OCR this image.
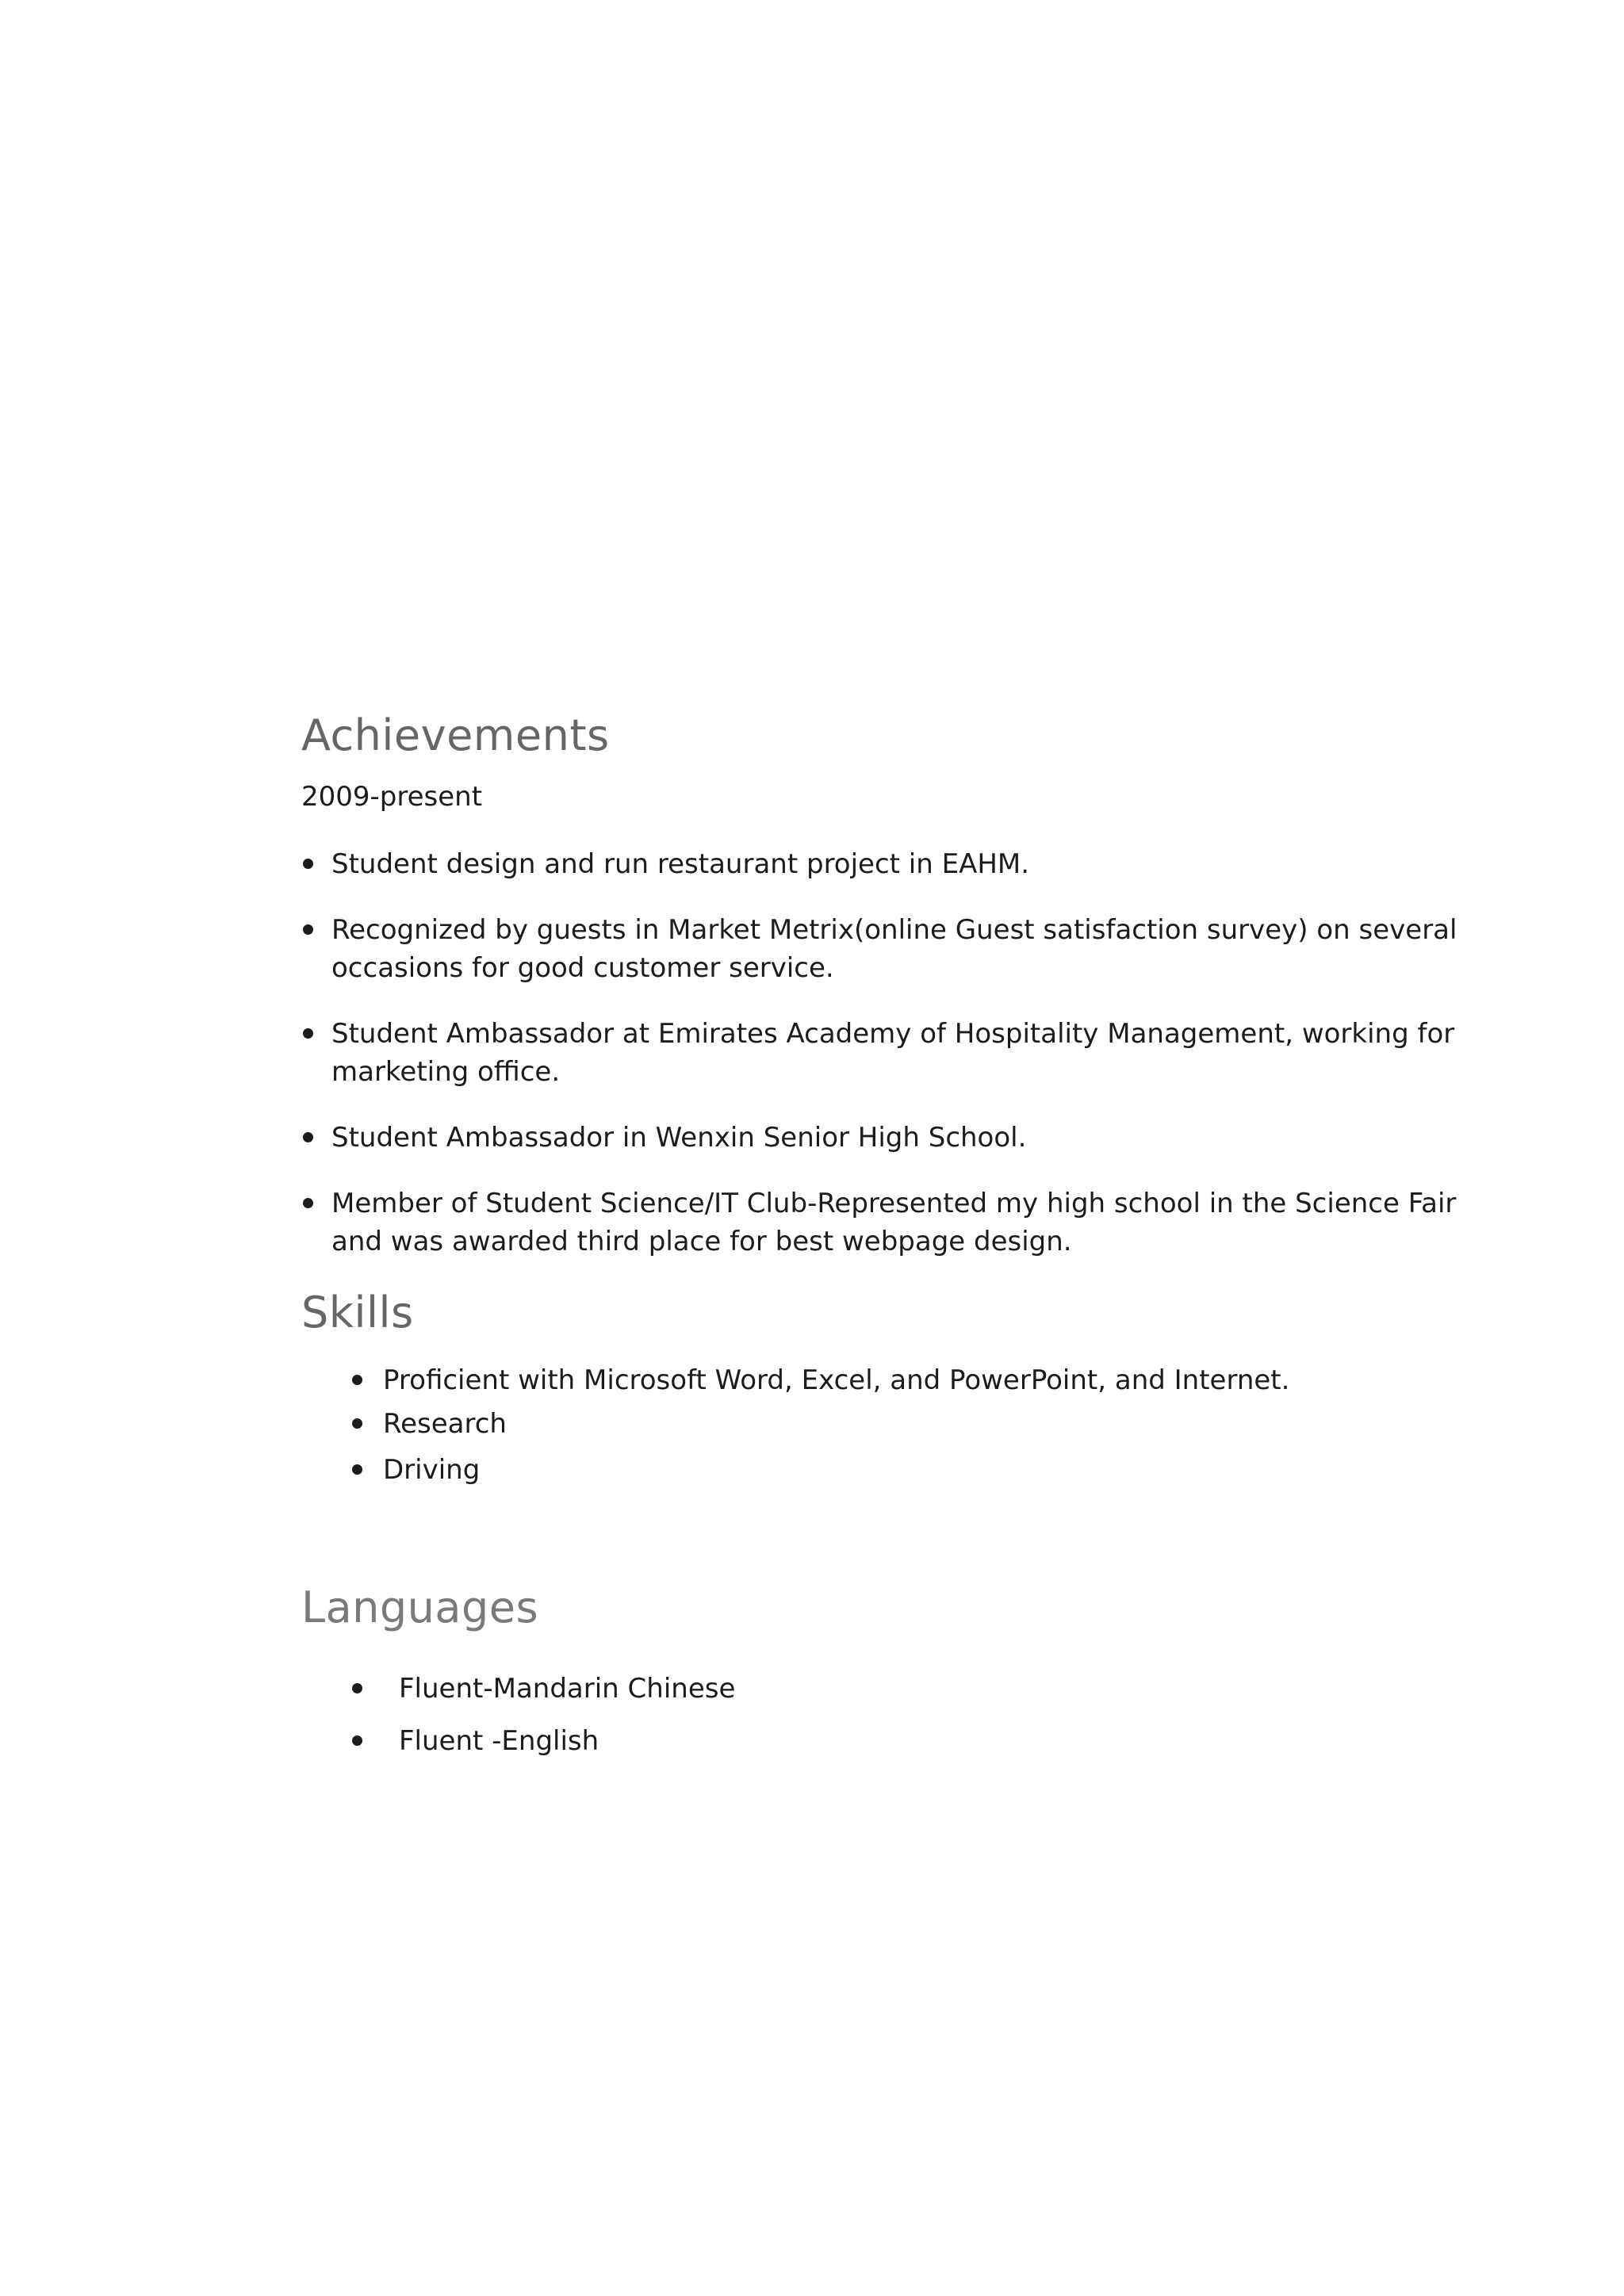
Achievements

2009-present

Student design and run restaurant project in EAHM.

Recognized by guests in Market Metrix(online Guest satisfaction survey) on several

occasions for good customer service.

Student Ambassador at Emirates Academy of Hospitality Management, working for

marketing office.

Student Ambassador in Wenxin Senior High School.

Member of Student Science/IT Club-Represented my high school in the Science Fair

and was awarded third place for best webpage design.

Skills

Proficient with Microsoft Word, Excel, and PowerPoint, and Internet.

Research

Driving

Languages

Fluent-Mandarin Chinese

Fluent -English
